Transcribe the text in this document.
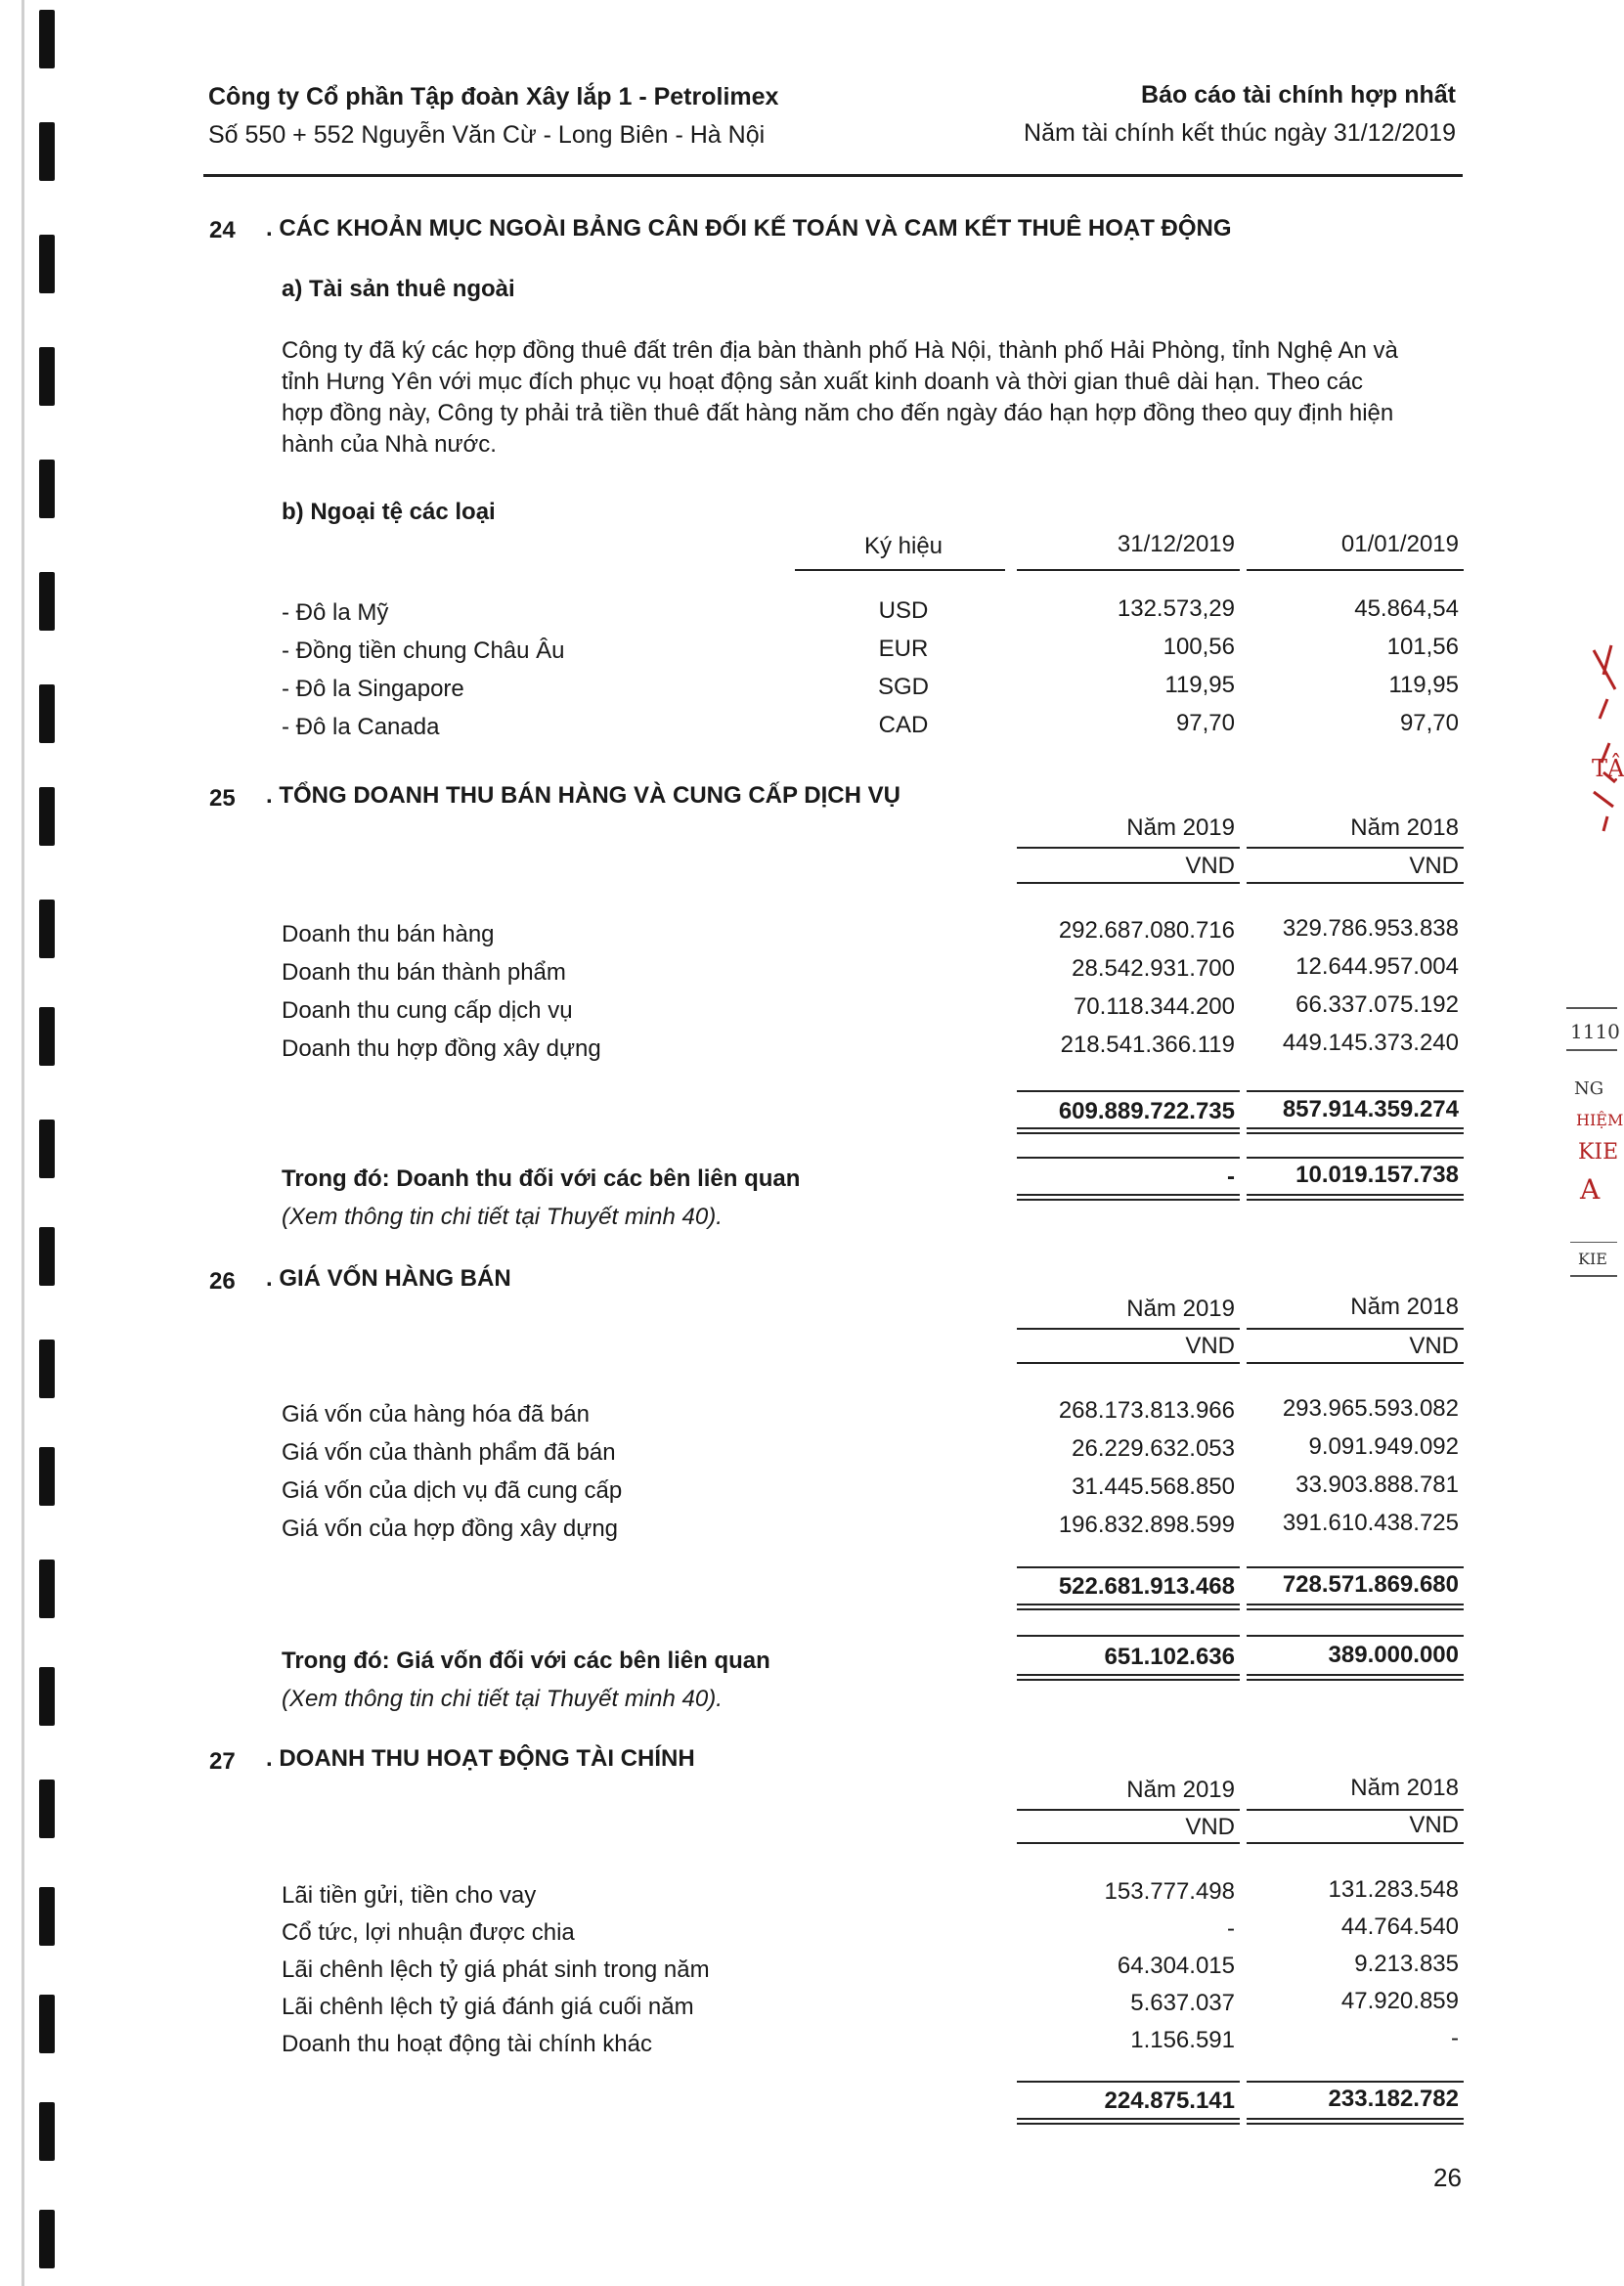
Công ty Cổ phần Tập đoàn Xây lắp 1 - Petrolimex
Số 550 + 552 Nguyễn Văn Cừ - Long Biên - Hà Nội
Báo cáo tài chính hợp nhất
Năm tài chính kết thúc ngày 31/12/2019
24 . CÁC KHOẢN MỤC NGOÀI BẢNG CÂN ĐỐI KẾ TOÁN VÀ CAM KẾT THUÊ HOẠT ĐỘNG
a) Tài sản thuê ngoài
Công ty đã ký các hợp đồng thuê đất trên địa bàn thành phố Hà Nội, thành phố Hải Phòng, tỉnh Nghệ An và
tỉnh Hưng Yên với mục đích phục vụ hoạt động sản xuất kinh doanh và thời gian thuê dài hạn. Theo các
hợp đồng này, Công ty phải trả tiền thuê đất hàng năm cho đến ngày đáo hạn hợp đồng theo quy định hiện
hành của Nhà nước.
b) Ngoại tệ các loại
Ký hiệu	31/12/2019	01/01/2019
- Đô la Mỹ	USD	132.573,29	45.864,54
- Đồng tiền chung Châu Âu	EUR	100,56	101,56
- Đô la Singapore	SGD	119,95	119,95
- Đô la Canada	CAD	97,70	97,70
25 . TỔNG DOANH THU BÁN HÀNG VÀ CUNG CẤP DỊCH VỤ
Năm 2019	Năm 2018
VND	VND
Doanh thu bán hàng	292.687.080.716	329.786.953.838
Doanh thu bán thành phẩm	28.542.931.700	12.644.957.004
Doanh thu cung cấp dịch vụ	70.118.344.200	66.337.075.192
Doanh thu hợp đồng xây dựng	218.541.366.119	449.145.373.240
609.889.722.735	857.914.359.274
Trong đó: Doanh thu đối với các bên liên quan
(Xem thông tin chi tiết tại Thuyết minh 40).
-	10.019.157.738
26 . GIÁ VỐN HÀNG BÁN
Năm 2019	Năm 2018
VND	VND
Giá vốn của hàng hóa đã bán	268.173.813.966	293.965.593.082
Giá vốn của thành phẩm đã bán	26.229.632.053	9.091.949.092
Giá vốn của dịch vụ đã cung cấp	31.445.568.850	33.903.888.781
Giá vốn của hợp đồng xây dựng	196.832.898.599	391.610.438.725
522.681.913.468	728.571.869.680
Trong đó: Giá vốn đối với các bên liên quan
(Xem thông tin chi tiết tại Thuyết minh 40).
651.102.636	389.000.000
27 . DOANH THU HOẠT ĐỘNG TÀI CHÍNH
Năm 2019	Năm 2018
VND	VND
Lãi tiền gửi, tiền cho vay	153.777.498	131.283.548
Cổ tức, lợi nhuận được chia	-	44.764.540
Lãi chênh lệch tỷ giá phát sinh trong năm	64.304.015	9.213.835
Lãi chênh lệch tỷ giá đánh giá cuối năm	5.637.037	47.920.859
Doanh thu hoạt động tài chính khác	1.156.591	-
224.875.141	233.182.782
26
TẬ
1110
NG
HIỆM
KIE
A
KIE
